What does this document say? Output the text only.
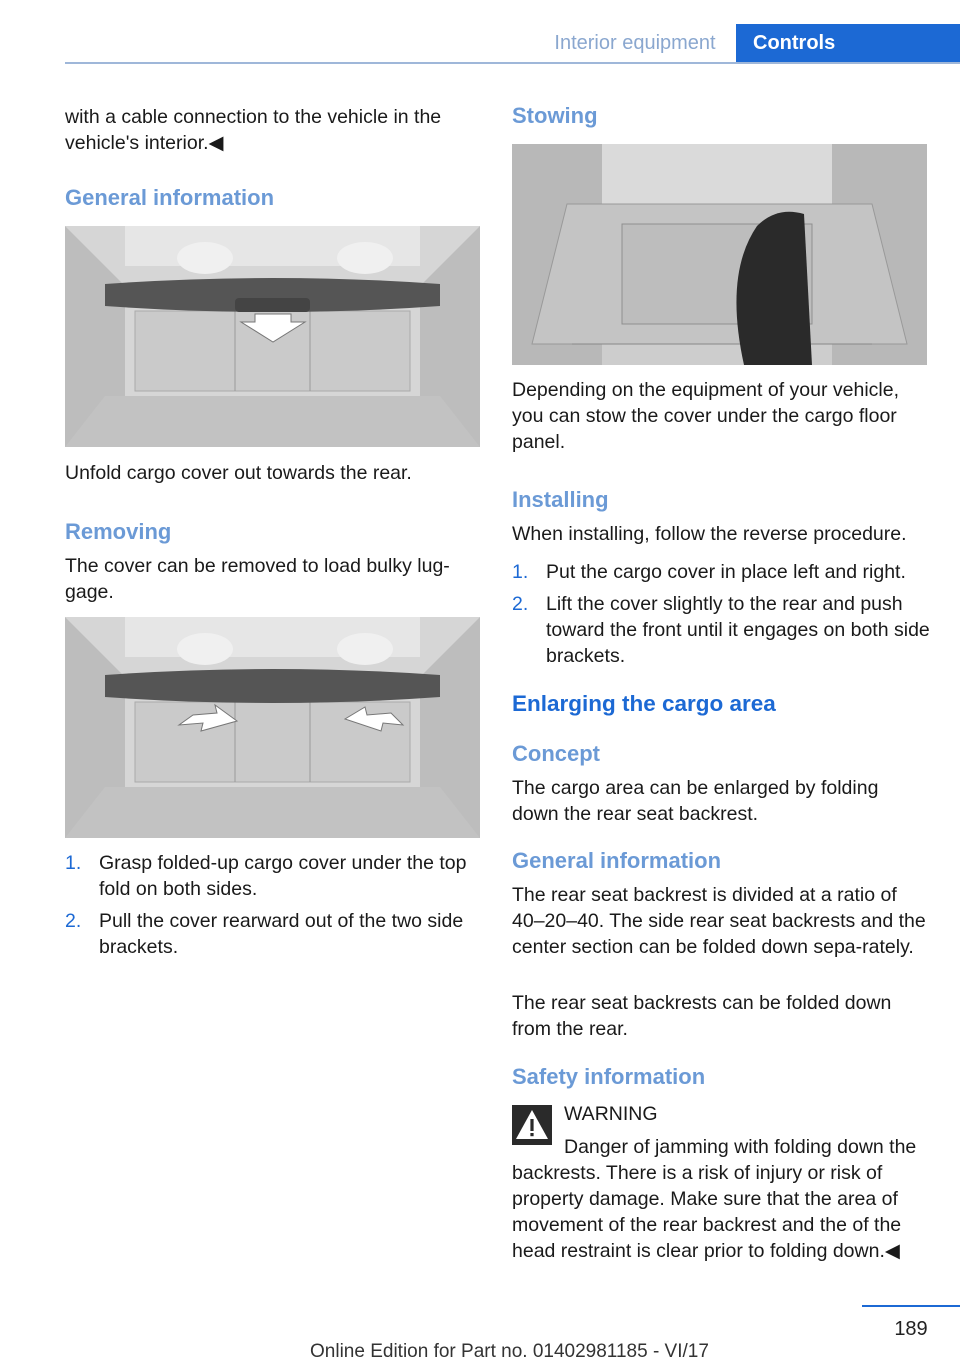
Interior equipment	Controls

with a cable connection to the vehicle in the vehicle's interior.◀

General information

Unfold cargo cover out towards the rear.

Removing

The cover can be removed to load bulky lug‐gage.

1. Grasp folded-up cargo cover under the top fold on both sides.
2. Pull the cover rearward out of the two side brackets.
Stowing

Depending on the equipment of your vehicle, you can stow the cover under the cargo floor panel.

Installing

When installing, follow the reverse procedure.

1. Put the cargo cover in place left and right.
2. Lift the cover slightly to the rear and push toward the front until it engages on both side brackets.
Enlarging the cargo area
Concept

The cargo area can be enlarged by folding down the rear seat backrest.

General information

The rear seat backrest is divided at a ratio of 40–20–40. The side rear seat backrests and the center section can be folded down sepa‐rately.

The rear seat backrests can be folded down from the rear.

Safety information
WARNING
Danger of jamming with folding down the

backrests. There is a risk of injury or risk of property damage. Make sure that the area of movement of the rear backrest and the of the head restraint is clear prior to folding down.◀

189
Online Edition for Part no. 01402981185 - VI/17
